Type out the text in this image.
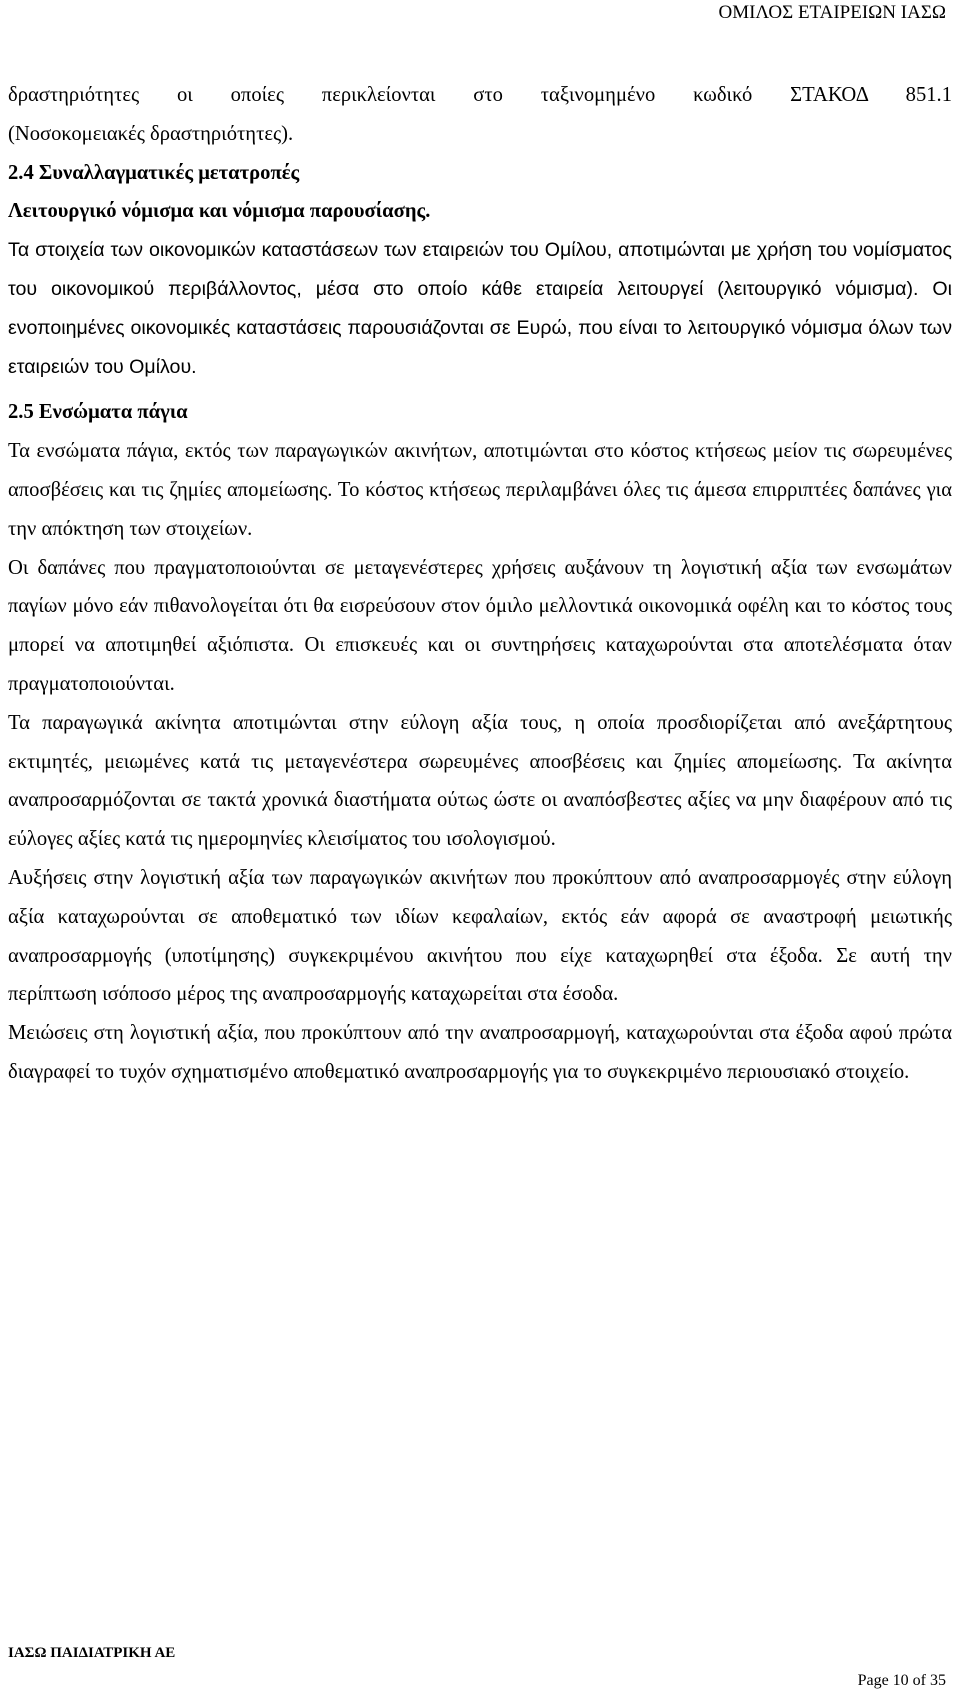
ΟΜΙΛΟΣ ΕΤΑΙΡΕΙΩΝ ΙΑΣΩ

δραστηριότητες οι οποίες περικλείονται στο ταξινομημένο κωδικό ΣΤΑΚΟΔ 851.1

(Νοσοκομειακές δραστηριότητες).

2.4 Συναλλαγματικές μετατροπές

Λειτουργικό νόμισμα και νόμισμα παρουσίασης.

Τα στοιχεία των οικονομικών καταστάσεων των εταιρειών του Ομίλου, αποτιμώνται με χρήση του νομίσματος του οικονομικού περιβάλλοντος, μέσα στο οποίο κάθε εταιρεία λειτουργεί (λειτουργικό νόμισμα). Οι ενοποιημένες οικονομικές καταστάσεις παρουσιάζονται σε Ευρώ, που είναι το λειτουργικό νόμισμα όλων των εταιρειών του Ομίλου.

2.5 Ενσώματα πάγια

Τα ενσώματα πάγια, εκτός των παραγωγικών ακινήτων, αποτιμώνται στο κόστος κτήσεως μείον τις σωρευμένες αποσβέσεις και τις ζημίες απομείωσης. Το κόστος κτήσεως περιλαμβάνει όλες τις άμεσα επιρριπτέες δαπάνες για την απόκτηση των στοιχείων.

Οι δαπάνες που πραγματοποιούνται σε μεταγενέστερες χρήσεις αυξάνουν τη λογιστική αξία των ενσωμάτων παγίων μόνο εάν πιθανολογείται ότι θα εισρεύσουν στον όμιλο μελλοντικά οικονομικά οφέλη και το κόστος τους μπορεί να αποτιμηθεί αξιόπιστα. Οι επισκευές και οι συντηρήσεις καταχωρούνται στα αποτελέσματα όταν πραγματοποιούνται.

Τα παραγωγικά ακίνητα αποτιμώνται στην εύλογη αξία τους, η οποία προσδιορίζεται από ανεξάρτητους εκτιμητές, μειωμένες κατά τις μεταγενέστερα σωρευμένες αποσβέσεις και ζημίες απομείωσης. Τα ακίνητα αναπροσαρμόζονται σε τακτά χρονικά διαστήματα ούτως ώστε οι αναπόσβεστες αξίες να μην διαφέρουν από τις εύλογες αξίες κατά τις ημερομηνίες κλεισίματος του ισολογισμού.

Αυξήσεις στην λογιστική αξία των παραγωγικών ακινήτων που προκύπτουν από αναπροσαρμογές στην εύλογη αξία καταχωρούνται σε αποθεματικό των ιδίων κεφαλαίων, εκτός εάν αφορά σε αναστροφή μειωτικής αναπροσαρμογής (υποτίμησης) συγκεκριμένου ακινήτου που είχε καταχωρηθεί στα έξοδα. Σε αυτή την περίπτωση ισόποσο μέρος της αναπροσαρμογής καταχωρείται στα έσοδα.

Μειώσεις στη λογιστική αξία, που προκύπτουν από την αναπροσαρμογή, καταχωρούνται στα έξοδα αφού πρώτα διαγραφεί το τυχόν σχηματισμένο αποθεματικό αναπροσαρμογής για το συγκεκριμένο περιουσιακό στοιχείο.

ΙΑΣΩ ΠΑΙΔΙΑΤΡΙΚΗ ΑΕ
Page 10 of 35
